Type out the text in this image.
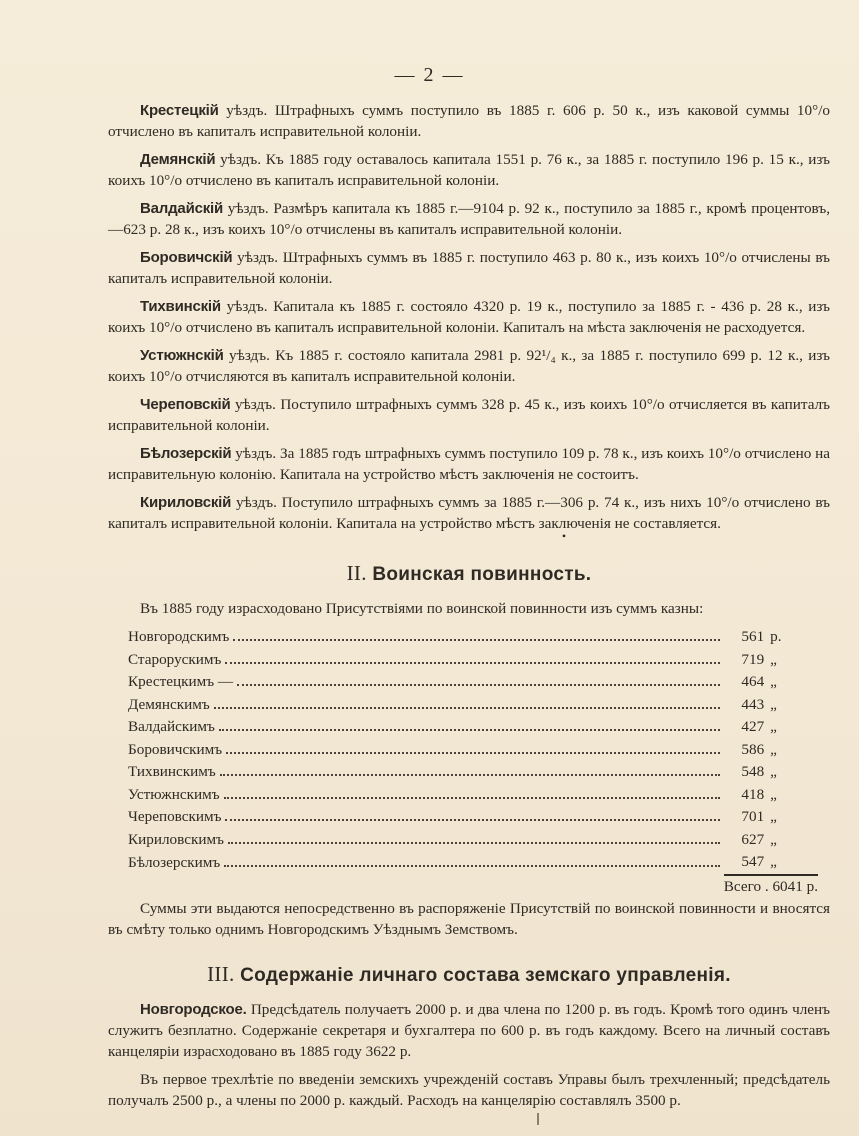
— 2 —

Крестецкій уѣздъ. Штрафныхъ суммъ поступило въ 1885 г. 606 р. 50 к., изъ каковой суммы 10°/о отчислено въ капиталъ исправительной колоніи.

Демянскій уѣздъ. Къ 1885 году оставалось капитала 1551 р. 76 к., за 1885 г. поступило 196 р. 15 к., изъ коихъ 10°/о отчислено въ капиталъ исправительной колоніи.

Валдайскій уѣздъ. Размѣръ капитала къ 1885 г.—9104 р. 92 к., поступило за 1885 г., кромѣ процентовъ,—623 р. 28 к., изъ коихъ 10°/о отчислены въ капиталъ исправительной колоніи.

Боровичскій уѣздъ. Штрафныхъ суммъ въ 1885 г. поступило 463 р. 80 к., изъ коихъ 10°/о отчислены въ капиталъ исправительной колоніи.

Тихвинскій уѣздъ. Капитала къ 1885 г. состояло 4320 р. 19 к., поступило за 1885 г. - 436 р. 28 к., изъ коихъ 10°/о отчислено въ капиталъ исправительной колоніи. Капиталъ на мѣста заключенія не расходуется.

Устюжнскій уѣздъ. Къ 1885 г. состояло капитала 2981 р. 92¹/₄ к., за 1885 г. поступило 699 р. 12 к., изъ коихъ 10°/о отчисляются въ капиталъ исправительной колоніи.

Череповскій уѣздъ. Поступило штрафныхъ суммъ 328 р. 45 к., изъ коихъ 10°/о отчисляется въ капиталъ исправительной колоніи.

Бѣлозерскій уѣздъ. За 1885 годъ штрафныхъ суммъ поступило 109 р. 78 к., изъ коихъ 10°/о отчислено на исправительную колонію. Капитала на устройство мѣстъ заключенія не состоитъ.

Кириловскій уѣздъ. Поступило штрафныхъ суммъ за 1885 г.—306 р. 74 к., изъ нихъ 10°/о отчислено въ капиталъ исправительной колоніи. Капитала на устройство мѣстъ заключенія не составляется.

•
II. Воинская повинность.

Въ 1885 году израсходовано Присутствіями по воинской повинности изъ суммъ казны:

Новгородскимъ	561	р.

Старорускимъ	719	„

Крестецкимъ —	464	„

Демянскимъ	443	„

Валдайскимъ	427	„

Боровичскимъ	586	„

Тихвинскимъ	548	„

Устюжнскимъ	418	„

Череповскимъ	701	„

Кириловскимъ	627	„

Бѣлозерскимъ	547	„
	Всего . 6041 р.	

Суммы эти выдаются непосредственно въ распоряженіе Присутствій по воинской повинности и вносятся въ смѣту только однимъ Новгородскимъ Уѣзднымъ Земствомъ.

III. Содержаніе личнаго состава земскаго управленія.

Новгородское. Предсѣдатель получаетъ 2000 р. и два члена по 1200 р. въ годъ. Кромѣ того одинъ членъ служитъ безплатно. Содержаніе секретаря и бухгалтера по 600 р. въ годъ каждому. Всего на личный составъ канцеляріи израсходовано въ 1885 году 3622 р.

Въ первое трехлѣтіе по введеніи земскихъ учрежденій составъ Управы былъ трехчленный; предсѣдатель получалъ 2500 р., а члены по 2000 р. каждый. Расходъ на канцелярію составлялъ 3500 р.
